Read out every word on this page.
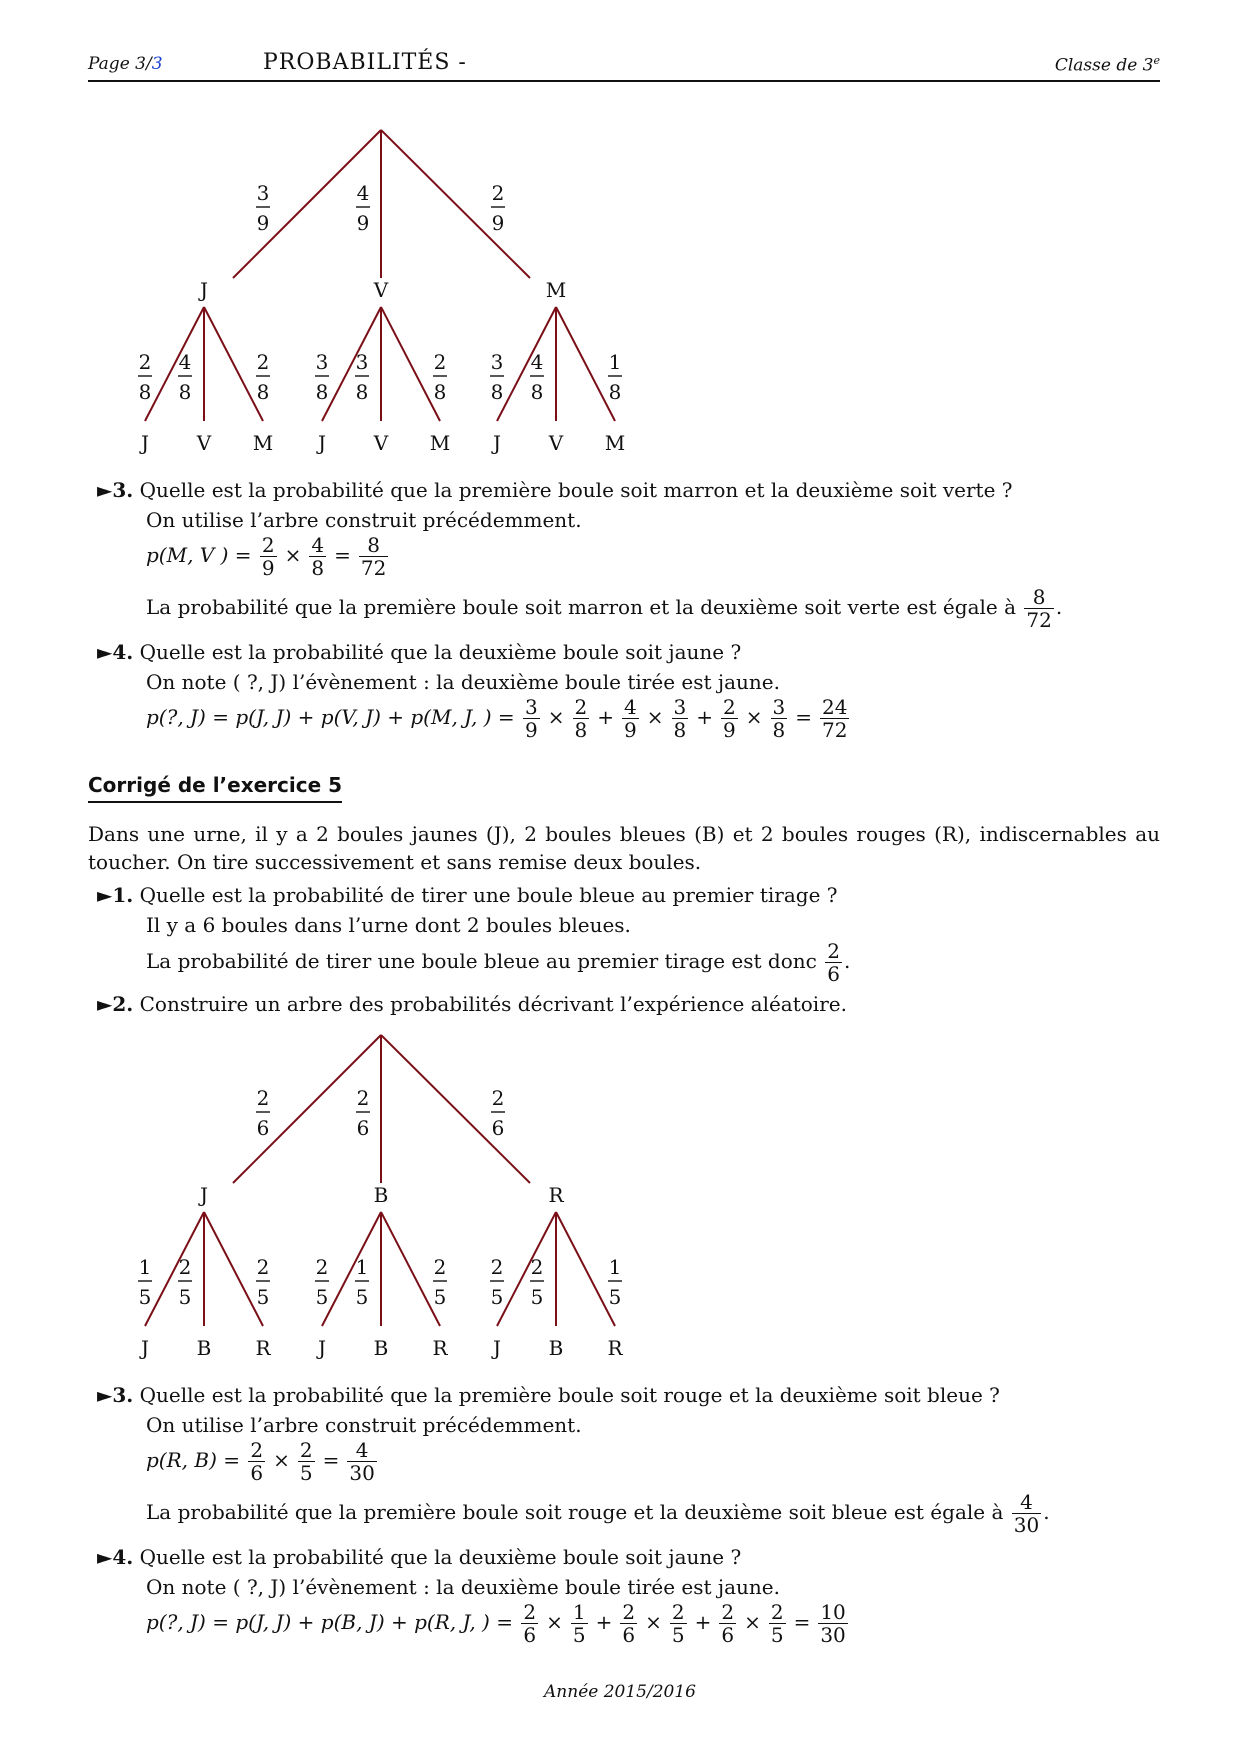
Page 3/3	PROBABILITÉS -	Classe de 3e
3
9
J
4
9
V
2
9
M
2
8
J
4
8
V
2
8
M
3
8
J
3
8
V
2
8
M
3
8
J
4
8
V
1
8
M
►3. Quelle est la probabilité que la première boule soit marron et la deuxième soit verte ?
On utilise l’arbre construit précédemment.
p(M, V ) = $\frac{2}{9} \times \frac{4}{8} = \frac{8}{72}$
La probabilité que la première boule soit marron et la deuxième soit verte est égale à $\frac{8}{72}$ .
►4. Quelle est la probabilité que la deuxième boule soit jaune ?
On note ( ?, J) l’évènement : la deuxième boule tirée est jaune.
p(?, J) = p(J, J) + p(V, J) + p(M, J, ) = $\frac{3}{9} \times \frac{2}{8} + \frac{4}{9} \times \frac{3}{8} + \frac{2}{9} \times \frac{3}{8} = \frac{24}{72}$
Corrigé de l’exercice 5
Dans une urne, il y a 2 boules jaunes (J), 2 boules bleues (B) et 2 boules rouges (R), indiscernables au toucher. On tire successivement et sans remise deux boules.
►1. Quelle est la probabilité de tirer une boule bleue au premier tirage ?
Il y a 6 boules dans l’urne dont 2 boules bleues.
La probabilité de tirer une boule bleue au premier tirage est donc $\frac{2}{6}$ .
►2. Construire un arbre des probabilités décrivant l’expérience aléatoire.
2
6
J
2
6
B
2
6
R
1
5
J
2
5
B
2
5
R
2
5
J
1
5
B
2
5
R
2
5
J
2
5
B
1
5
R
►3. Quelle est la probabilité que la première boule soit rouge et la deuxième soit bleue ?
On utilise l’arbre construit précédemment.
p(R, $B) = \frac{2}{6} \times \frac{2}{5} = \frac{4}{30}$
La probabilité que la première boule soit rouge et la deuxième soit bleue est égale à $\frac{4}{30}$ .
►4. Quelle est la probabilité que la deuxième boule soit jaune ?
On note ( ?, J) l’évènement : la deuxième boule tirée est jaune.
p(?, J) = p(J, J) + p(B, J) + p(R, J, ) = $\frac{2}{6} \times \frac{1}{5} + \frac{2}{6} \times \frac{2}{5} + \frac{2}{6} \times \frac{2}{5} = \frac{10}{30}$
Année 2015/2016
